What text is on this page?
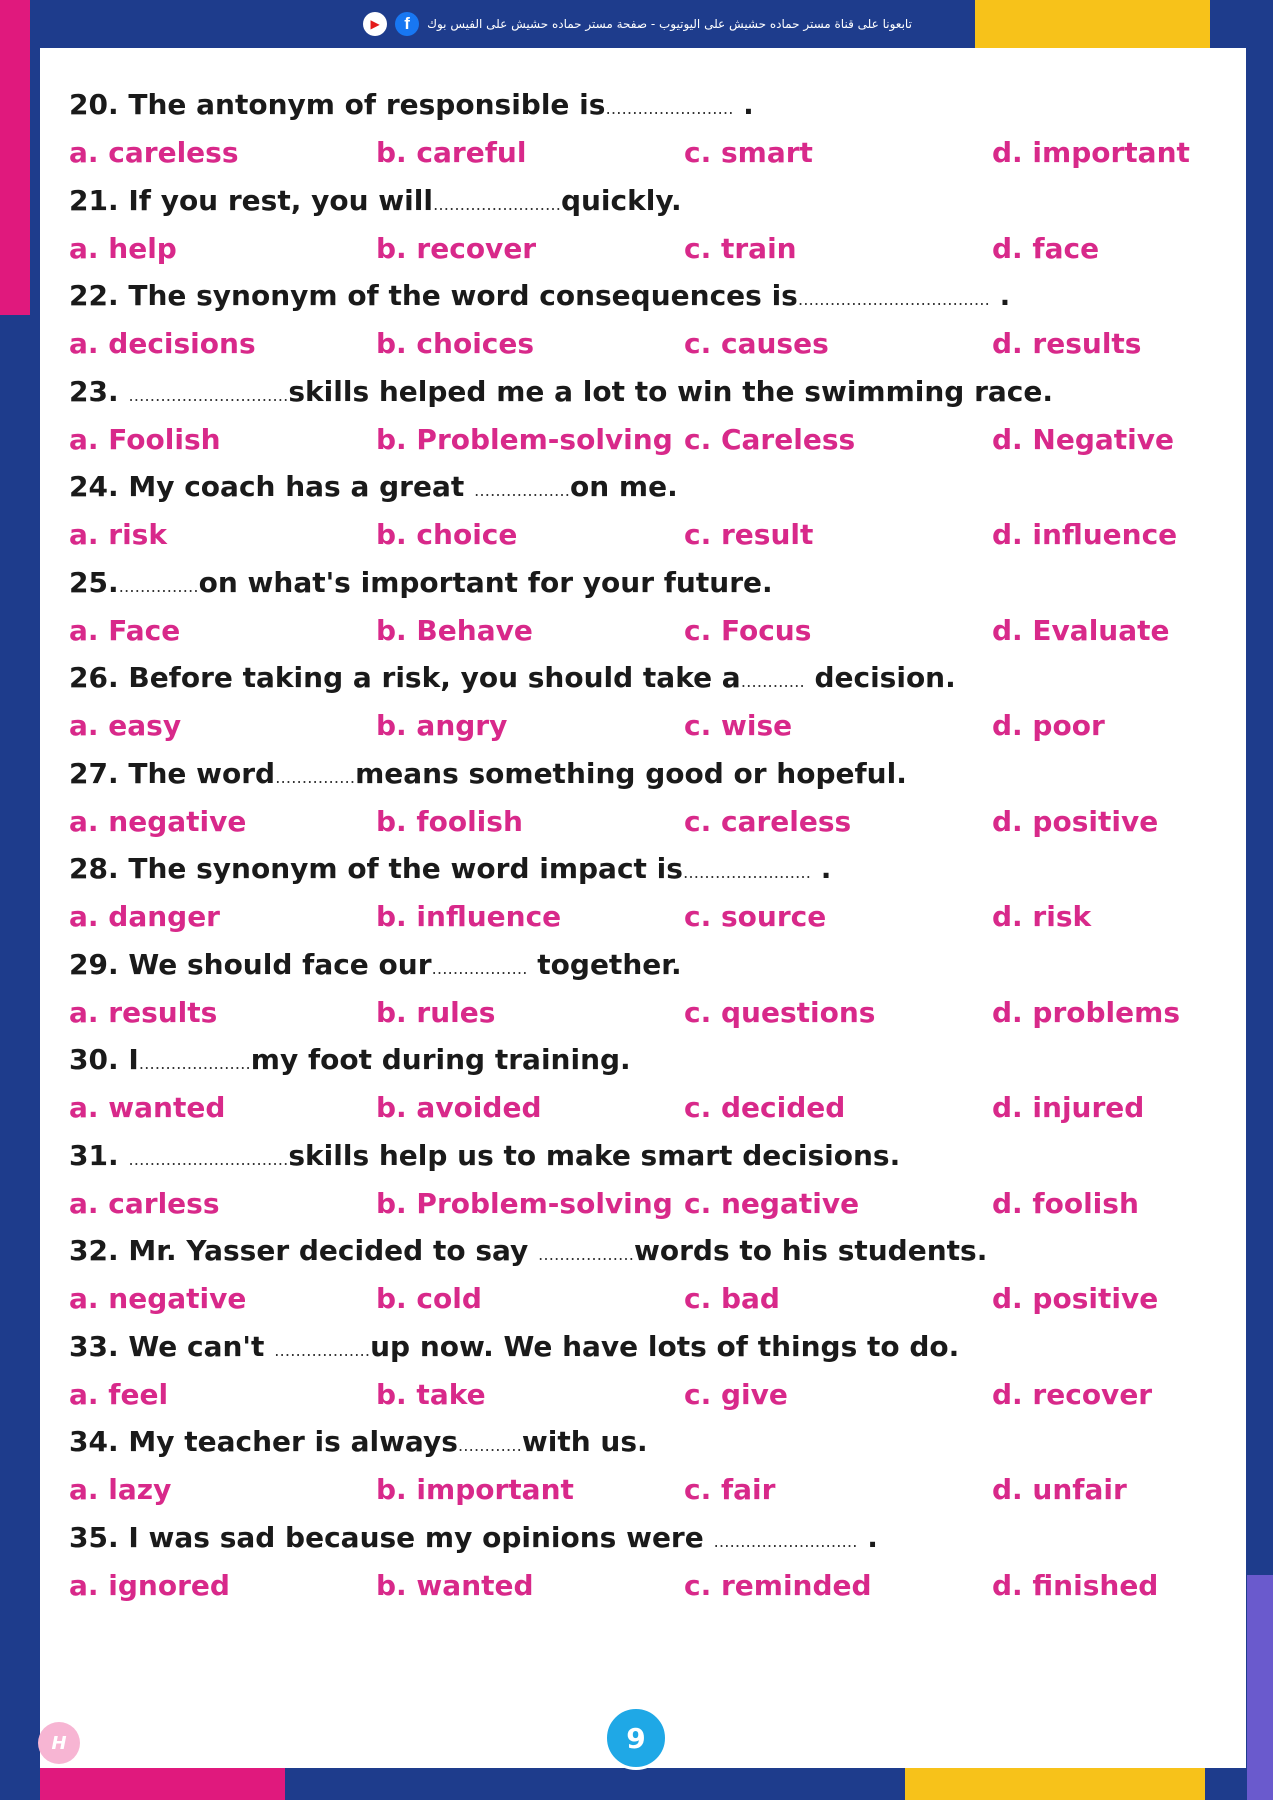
▶	f	تابعونا على قناة مستر حماده حشيش على اليوتيوب - صفحة مستر حماده حشيش على الفيس بوك
20. The antonym of responsible is…………………… .
a. careless	b. careful	c. smart	d. important
21. If you rest, you will……………………quickly.
a. help	b. recover	c. train	d. face
22. The synonym of the word consequences is……………………………… .
a. decisions	b. choices	c. causes	d. results
23. …………………………skills helped me a lot to win the swimming race.
a. Foolish	b. Problem-solving c. Careless	d. Negative
24. My coach has a great ………………on me.
a. risk	b. choice	c. result	d. influence
25.……………on what's important for your future.
a. Face	b. Behave	c. Focus	d. Evaluate
26. Before taking a risk, you should take a………… decision.
a. easy	b. angry	c. wise	d. poor
27. The word……………means something good or hopeful.
a. negative	b. foolish	c. careless	d. positive
28. The synonym of the word impact is…………………… .
a. danger	b. influence	c. source	d. risk
29. We should face our……………… together.
a. results	b. rules	c. questions	d. problems
30. I…………………my foot during training.
a. wanted	b. avoided	c. decided	d. injured
31. …………………………skills help us to make smart decisions.
a. carless	b. Problem-solving c. negative	d. foolish
32. Mr. Yasser decided to say ………………words to his students.
a. negative	b. cold	c. bad	d. positive
33. We can't ………………up now. We have lots of things to do.
a. feel	b. take	c. give	d. recover
34. My teacher is always…………with us.
a. lazy	b. important	c. fair	d. unfair
35. I was sad because my opinions were ……………………… .
a. ignored	b. wanted	c. reminded	d. finished
H	9
